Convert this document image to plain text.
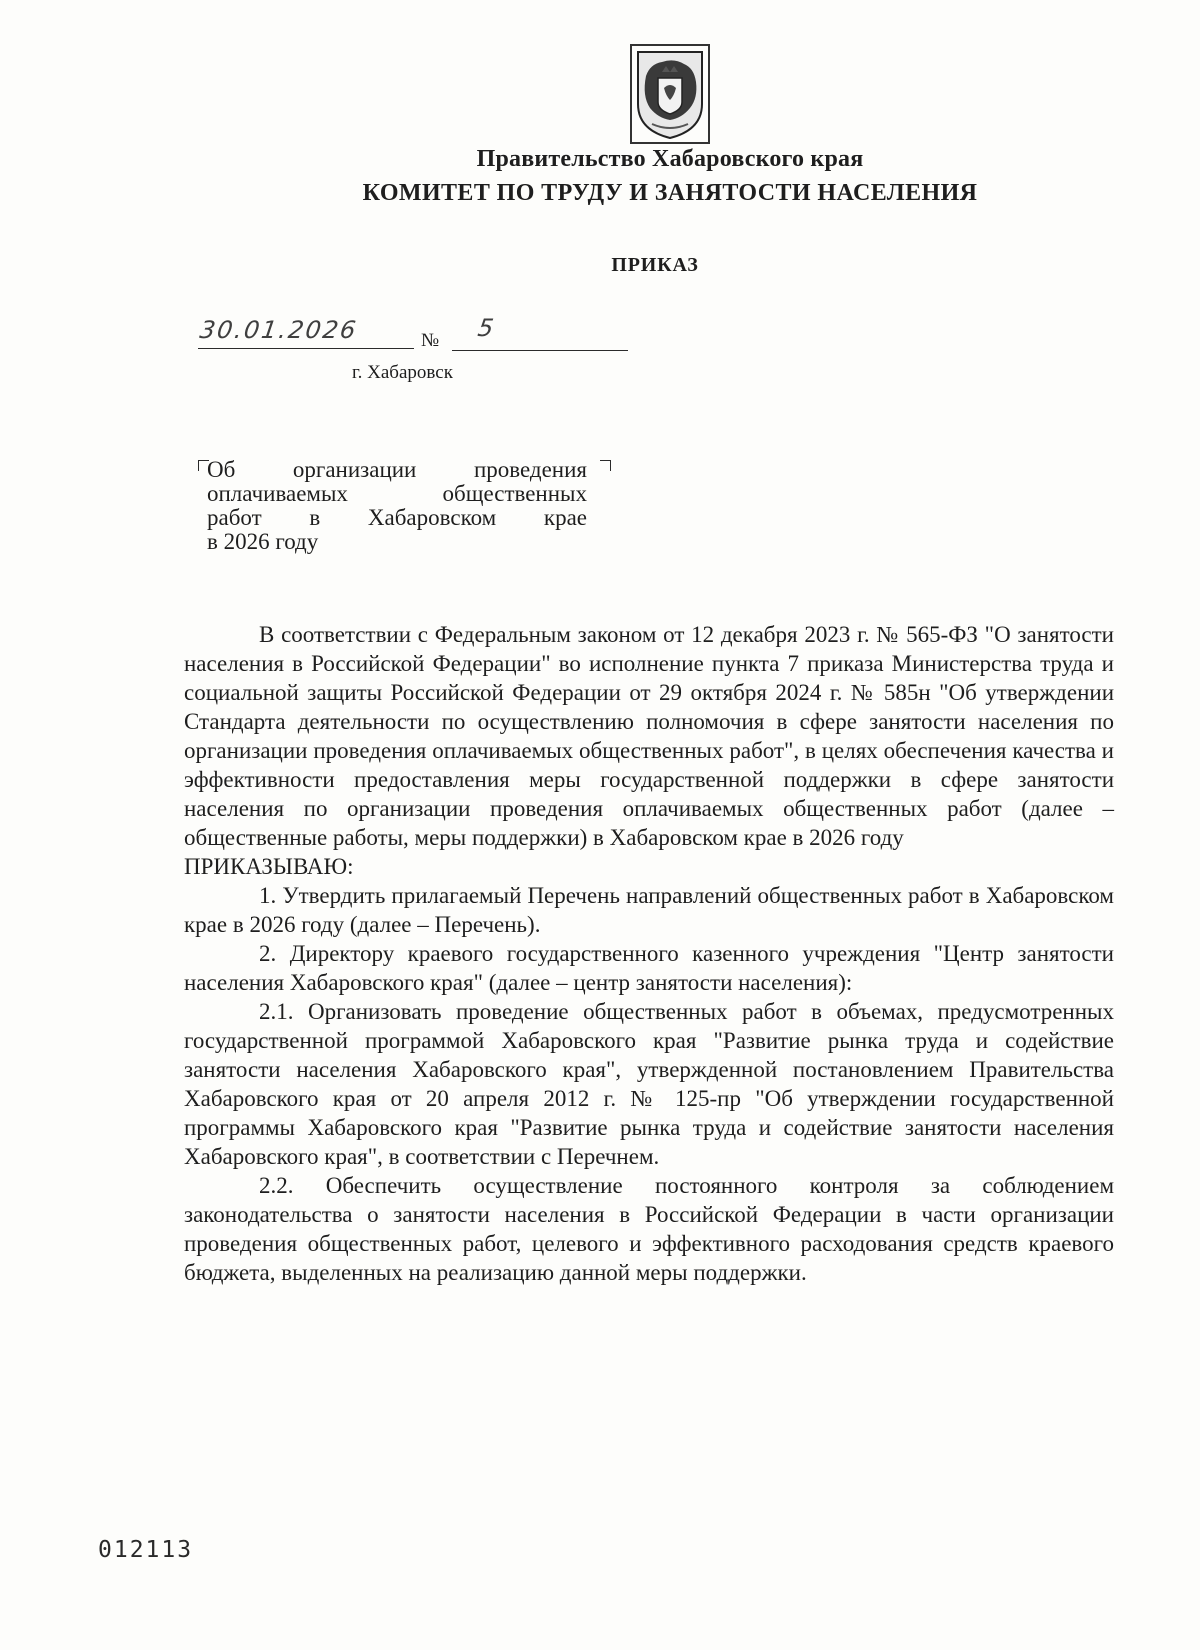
Правительство Хабаровского края
КОМИТЕТ ПО ТРУДУ И ЗАНЯТОСТИ НАСЕЛЕНИЯ
ПРИКАЗ
30.01.2026	№ 5
г. Хабаровск
Об организации проведения
оплачиваемых общественных
работ в Хабаровском крае
в 2026 году

В соответствии с Федеральным законом от 12 декабря 2023 г. № 565-ФЗ "О занятости населения в Российской Федерации" во исполнение пункта 7 приказа Министерства труда и социальной защиты Российской Федерации от 29 октября 2024 г. № 585н "Об утверждении Стандарта деятельности по осуществлению полномочия в сфере занятости населения по организации проведения оплачиваемых общественных работ", в целях обеспечения качества и эффективности предоставления меры государственной поддержки в сфере занятости населения по организации проведения оплачиваемых общественных работ (далее – общественные работы, меры поддержки) в Хабаровском крае в 2026 году

ПРИКАЗЫВАЮ:

1. Утвердить прилагаемый Перечень направлений общественных работ в Хабаровском крае в 2026 году (далее – Перечень).

2. Директору краевого государственного казенного учреждения "Центр занятости населения Хабаровского края" (далее – центр занятости населения):

2.1. Организовать проведение общественных работ в объемах, предусмотренных государственной программой Хабаровского края "Развитие рынка труда и содействие занятости населения Хабаровского края", утвержденной постановлением Правительства Хабаровского края от 20 апреля 2012 г. № 125-пр "Об утверждении государственной программы Хабаровского края "Развитие рынка труда и содействие занятости населения Хабаровского края", в соответствии с Перечнем.

2.2. Обеспечить осуществление постоянного контроля за соблюдением законодательства о занятости населения в Российской Федерации в части организации проведения общественных работ, целевого и эффективного расходования средств краевого бюджета, выделенных на реализацию данной меры поддержки.

012113
